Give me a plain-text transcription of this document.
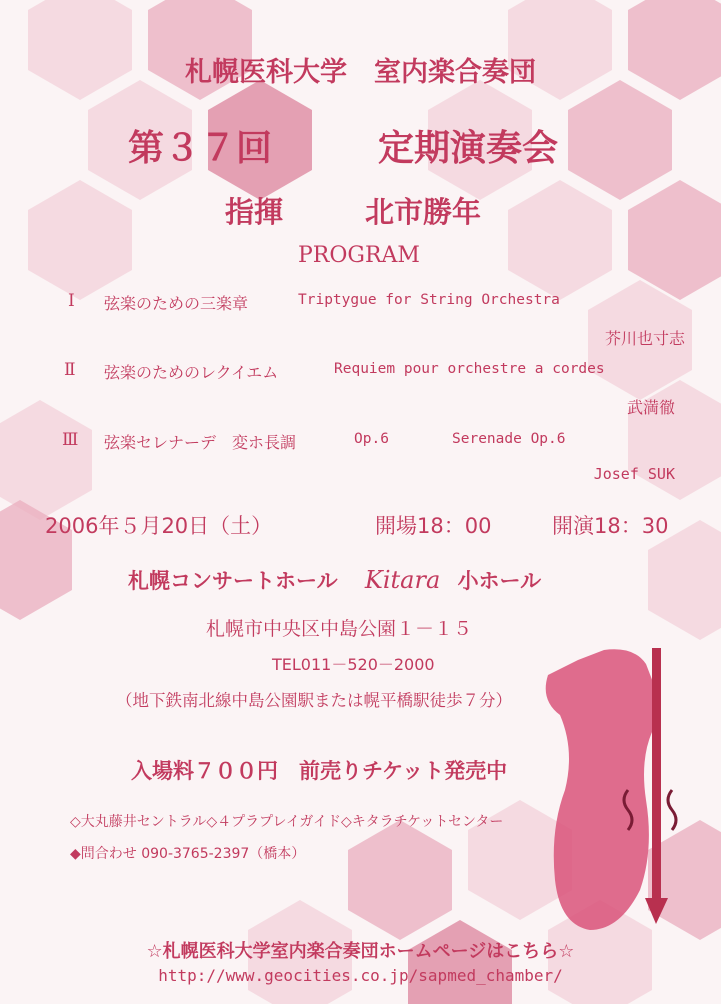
札幌医科大学　室内楽合奏団
第３７回	定期演奏会
指揮	北市勝年
PROGRAM
Ⅰ 弦楽のための三楽章	Triptygue for String Orchestra
芥川也寸志
Ⅱ 弦楽のためのレクイエム	Requiem pour orchestre a cordes
武満徹
Ⅲ 弦楽セレナーデ　変ホ長調	Op.6	Serenade Op.6
Josef SUK
2006年５月20日（土）	開場18：00	開演18：30
札幌コンサートホール Kitara 小ホール
札幌市中央区中島公園１－１５
TEL011－520－2000
（地下鉄南北線中島公園駅または幌平橋駅徒歩７分）
入場料７００円　前売りチケット発売中
◇大丸藤井セントラル◇４プラプレイガイド◇キタラチケットセンター
◆問合わせ 090-3765-2397（橋本）
☆札幌医科大学室内楽合奏団ホームページはこちら☆
http://www.geocities.co.jp/sapmed_chamber/
